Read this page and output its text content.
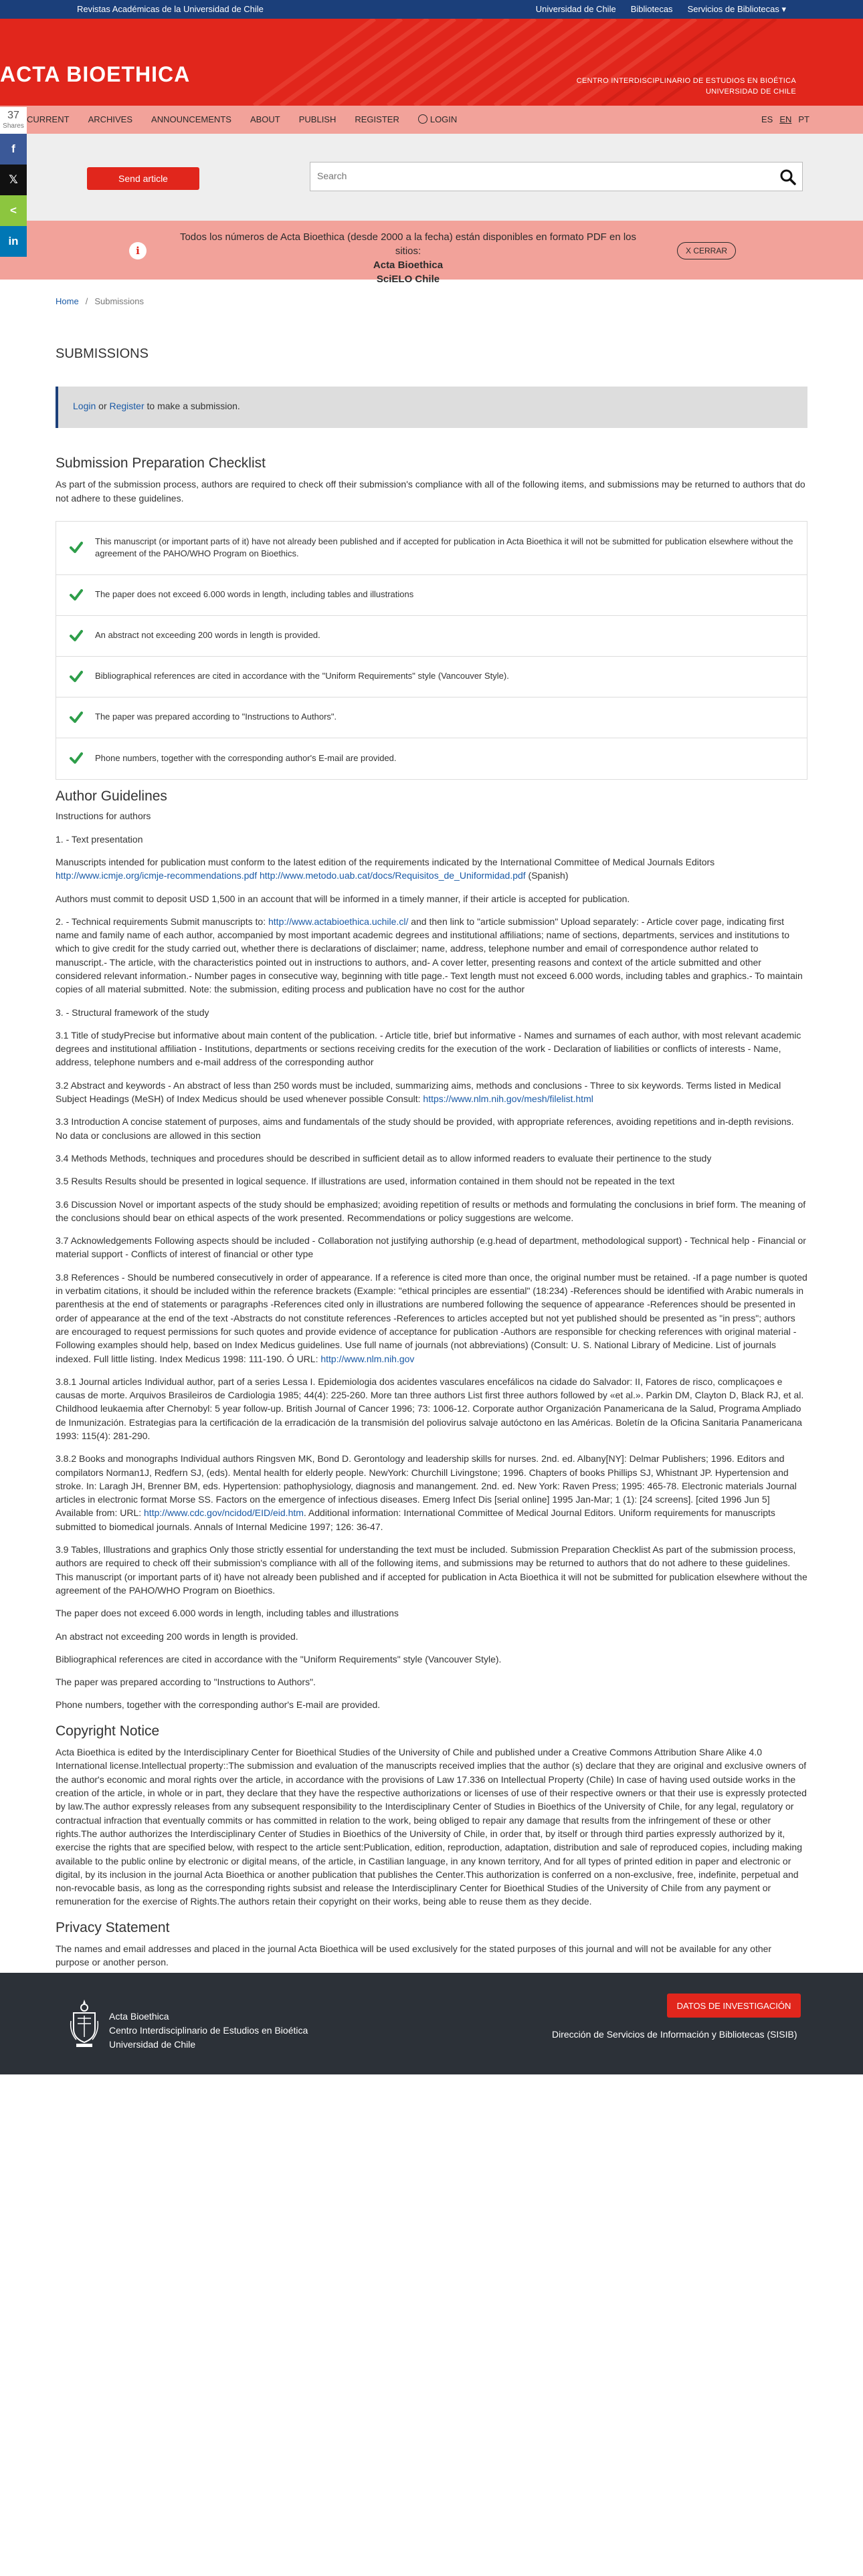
Revistas Académicas de la Universidad de Chile	Universidad de Chile Bibliotecas Servicios de Bibliotecas ▾
ACTA BIOETHICA	CENTRO INTERDISCIPLINARIO DE ESTUDIOS EN BIOÉTICA
UNIVERSIDAD DE CHILE
CURRENT ARCHIVES ANNOUNCEMENTS ABOUT PUBLISH REGISTER	LOGIN	ES EN PT
Send article
Search
i
Todos los números de Acta Bioethica (desde 2000 a la fecha) están disponibles en formato PDF en los sitios:
Acta Bioethica
SciELO Chile
X CERRAR
37
Shares
f
𝕏
<
in
Home / Submissions
SUBMISSIONS
Login or Register to make a submission.
Submission Preparation Checklist

As part of the submission process, authors are required to check off their submission's compliance with all of the following items, and submissions may be returned to authors that do not adhere to these guidelines.

This manuscript (or important parts of it) have not already been published and if accepted for publication in Acta Bioethica it will not be submitted for publication elsewhere without the agreement of the PAHO/WHO Program on Bioethics.
The paper does not exceed 6.000 words in length, including tables and illustrations
An abstract not exceeding 200 words in length is provided.
Bibliographical references are cited in accordance with the "Uniform Requirements" style (Vancouver Style).
The paper was prepared according to "Instructions to Authors".
Phone numbers, together with the corresponding author's E-mail are provided.
Author Guidelines

Instructions for authors

1. - Text presentation

Manuscripts intended for publication must conform to the latest edition of the requirements indicated by the International Committee of Medical Journals Editors http://www.icmje.org/icmje-recommendations.pdf http://www.metodo.uab.cat/docs/Requisitos_de_Uniformidad.pdf (Spanish)

Authors must commit to deposit USD 1,500 in an account that will be informed in a timely manner, if their article is accepted for publication.

2. - Technical requirements Submit manuscripts to: http://www.actabioethica.uchile.cl/ and then link to "article submission" Upload separately: - Article cover page, indicating first name and family name of each author, accompanied by most important academic degrees and institutional affiliations; name of sections, departments, services and institutions to which to give credit for the study carried out, whether there is declarations of disclaimer; name, address, telephone number and email of correspondence author related to manuscript.- The article, with the characteristics pointed out in instructions to authors, and- A cover letter, presenting reasons and context of the article submitted and other considered relevant information.- Number pages in consecutive way, beginning with title page.- Text length must not exceed 6.000 words, including tables and graphics.- To maintain copies of all material submitted. Note: the submission, editing process and publication have no cost for the author

3. - Structural framework of the study

3.1 Title of studyPrecise but informative about main content of the publication. - Article title, brief but informative - Names and surnames of each author, with most relevant academic degrees and institutional affiliation - Institutions, departments or sections receiving credits for the execution of the work - Declaration of liabilities or conflicts of interests - Name, address, telephone numbers and e-mail address of the corresponding author

3.2 Abstract and keywords - An abstract of less than 250 words must be included, summarizing aims, methods and conclusions - Three to six keywords. Terms listed in Medical Subject Headings (MeSH) of Index Medicus should be used whenever possible Consult: https://www.nlm.nih.gov/mesh/filelist.html

3.3 Introduction A concise statement of purposes, aims and fundamentals of the study should be provided, with appropriate references, avoiding repetitions and in-depth revisions. No data or conclusions are allowed in this section

3.4 Methods Methods, techniques and procedures should be described in sufficient detail as to allow informed readers to evaluate their pertinence to the study

3.5 Results Results should be presented in logical sequence. If illustrations are used, information contained in them should not be repeated in the text

3.6 Discussion Novel or important aspects of the study should be emphasized; avoiding repetition of results or methods and formulating the conclusions in brief form. The meaning of the conclusions should bear on ethical aspects of the work presented. Recommendations or policy suggestions are welcome.

3.7 Acknowledgements Following aspects should be included - Collaboration not justifying authorship (e.g.head of department, methodological support) - Technical help - Financial or material support - Conflicts of interest of financial or other type

3.8 References - Should be numbered consecutively in order of appearance. If a reference is cited more than once, the original number must be retained. -If a page number is quoted in verbatim citations, it should be included within the reference brackets (Example: "ethical principles are essential" (18:234) -References should be identified with Arabic numerals in parenthesis at the end of statements or paragraphs -References cited only in illustrations are numbered following the sequence of appearance -References should be presented in order of appearance at the end of the text -Abstracts do not constitute references -References to articles accepted but not yet published should be presented as "in press"; authors are encouraged to request permissions for such quotes and provide evidence of acceptance for publication -Authors are responsible for checking references with original material -Following examples should help, based on Index Medicus guidelines. Use full name of journals (not abbreviations) (Consult: U. S. National Library of Medicine. List of journals indexed. Full little listing. Index Medicus 1998: 111-190. Ó URL: http://www.nlm.nih.gov

3.8.1 Journal articles Individual author, part of a series Lessa I. Epidemiologia dos acidentes vasculares encefálicos na cidade do Salvador: II, Fatores de risco, complicaçoes e causas de morte. Arquivos Brasileiros de Cardiologia 1985; 44(4): 225-260. More tan three authors List first three authors followed by «et al.». Parkin DM, Clayton D, Black RJ, et al. Childhood leukaemia after Chernobyl: 5 year follow-up. British Journal of Cancer 1996; 73: 1006-12. Corporate author Organización Panamericana de la Salud, Programa Ampliado de Inmunización. Estrategias para la certificación de la erradicación de la transmisión del poliovirus salvaje autóctono en las Américas. Boletín de la Oficina Sanitaria Panamericana 1993: 115(4): 281-290.

3.8.2 Books and monographs Individual authors Ringsven MK, Bond D. Gerontology and leadership skills for nurses. 2nd. ed. Albany[NY]: Delmar Publishers; 1996. Editors and compilators Norman1J, Redfern SJ, (eds). Mental health for elderly people. NewYork: Churchill Livingstone; 1996. Chapters of books Phillips SJ, Whistnant JP. Hypertension and stroke. In: Laragh JH, Brenner BM, eds. Hypertension: pathophysiology, diagnosis and manangement. 2nd. ed. New York: Raven Press; 1995: 465-78. Electronic materials Journal articles in electronic format Morse SS. Factors on the emergence of infectious diseases. Emerg Infect Dis [serial online] 1995 Jan-Mar; 1 (1): [24 screens]. [cited 1996 Jun 5] Available from: URL: http://www.cdc.gov/ncidod/EID/eid.htm. Additional information: International Committee of Medical Journal Editors. Uniform requirements for manuscripts submitted to biomedical journals. Annals of Internal Medicine 1997; 126: 36-47.

3.9 Tables, Illustrations and graphics Only those strictly essential for understanding the text must be included. Submission Preparation Checklist As part of the submission process, authors are required to check off their submission's compliance with all of the following items, and submissions may be returned to authors that do not adhere to these guidelines. This manuscript (or important parts of it) have not already been published and if accepted for publication in Acta Bioethica it will not be submitted for publication elsewhere without the agreement of the PAHO/WHO Program on Bioethics.

The paper does not exceed 6.000 words in length, including tables and illustrations

An abstract not exceeding 200 words in length is provided.

Bibliographical references are cited in accordance with the "Uniform Requirements" style (Vancouver Style).

The paper was prepared according to "Instructions to Authors".

Phone numbers, together with the corresponding author's E-mail are provided.

Copyright Notice

Acta Bioethica is edited by the Interdisciplinary Center for Bioethical Studies of the University of Chile and published under a Creative Commons Attribution Share Alike 4.0 International license.Intellectual property::The submission and evaluation of the manuscripts received implies that the author (s) declare that they are original and exclusive owners of the author's economic and moral rights over the article, in accordance with the provisions of Law 17.336 on Intellectual Property (Chile) In case of having used outside works in the creation of the article, in whole or in part, they declare that they have the respective authorizations or licenses of use of their respective owners or that their use is expressly protected by law.The author expressly releases from any subsequent responsibility to the Interdisciplinary Center of Studies in Bioethics of the University of Chile, for any legal, regulatory or contractual infraction that eventually commits or has committed in relation to the work, being obliged to repair any damage that results from the infringement of these or other rights.The author authorizes the Interdisciplinary Center of Studies in Bioethics of the University of Chile, in order that, by itself or through third parties expressly authorized by it, exercise the rights that are specified below, with respect to the article sent:Publication, edition, reproduction, adaptation, distribution and sale of reproduced copies, including making available to the public online by electronic or digital means, of the article, in Castilian language, in any known territory, And for all types of printed edition in paper and electronic or digital, by its inclusion in the journal Acta Bioethica or another publication that publishes the Center.This authorization is conferred on a non-exclusive, free, indefinite, perpetual and non-revocable basis, as long as the corresponding rights subsist and release the Interdisciplinary Center for Bioethical Studies of the University of Chile from any payment or remuneration for the exercise of Rights.The authors retain their copyright on their works, being able to reuse them as they decide.

Privacy Statement

The names and email addresses and placed in the journal Acta Bioethica will be used exclusively for the stated purposes of this journal and will not be available for any other purpose or another person.

Acta Bioethica
Centro Interdisciplinario de Estudios en Bioética
Universidad de Chile
DATOS DE INVESTIGACIÓN
Dirección de Servicios de Información y Bibliotecas (SISIB)
